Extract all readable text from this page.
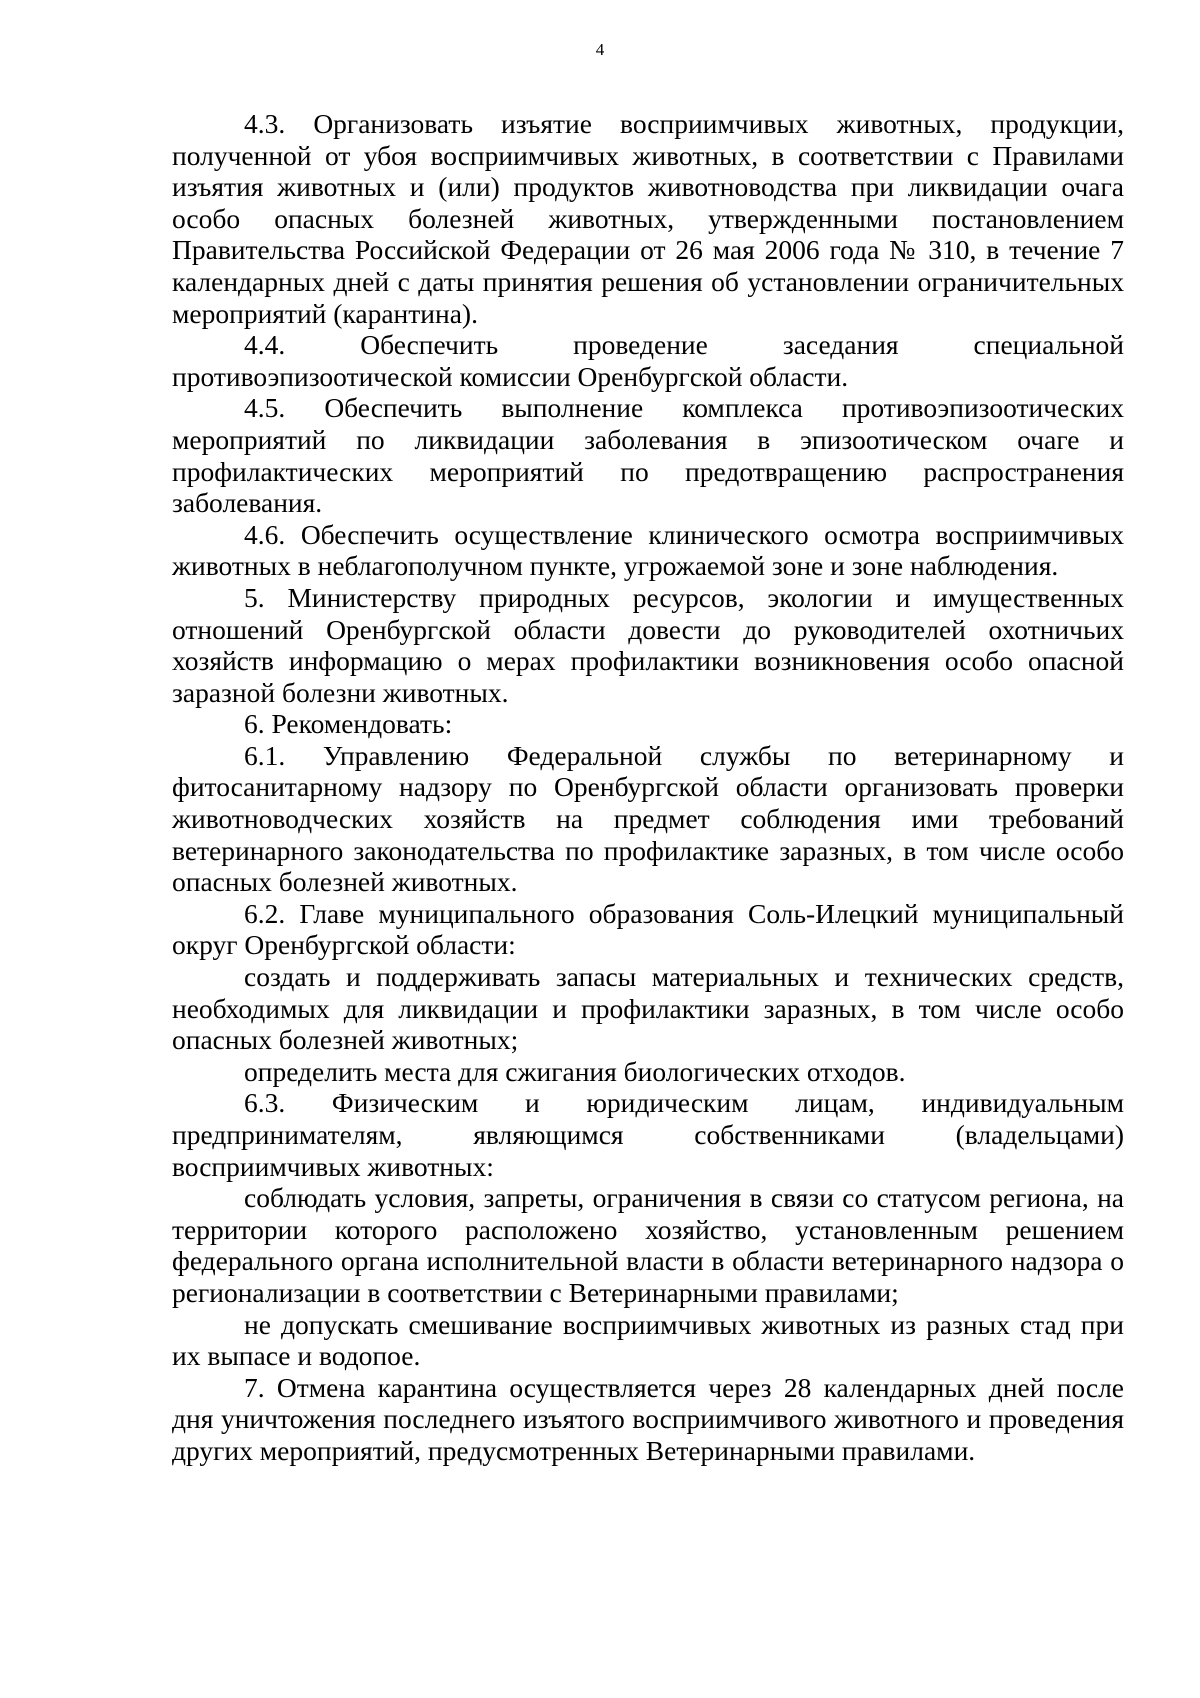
4

4.3. Организовать изъятие восприимчивых животных, продукции, полученной от убоя восприимчивых животных, в соответствии с Правилами изъятия животных и (или) продуктов животноводства при ликвидации очага особо опасных болезней животных, утвержденными постановлением Правительства Российской Федерации от 26 мая 2006 года № 310, в течение 7 календарных дней с даты принятия решения об установлении ограничительных мероприятий (карантина).

4.4. Обеспечить проведение заседания специальной противоэпизоотической комиссии Оренбургской области.

4.5. Обеспечить выполнение комплекса противоэпизоотических мероприятий по ликвидации заболевания в эпизоотическом очаге и профилактических мероприятий по предотвращению распространения заболевания.

4.6. Обеспечить осуществление клинического осмотра восприимчивых животных в неблагополучном пункте, угрожаемой зоне и зоне наблюдения.

5. Министерству природных ресурсов, экологии и имущественных отношений Оренбургской области довести до руководителей охотничьих хозяйств информацию о мерах профилактики возникновения особо опасной заразной болезни животных.

6. Рекомендовать:

6.1. Управлению Федеральной службы по ветеринарному и фитосанитарному надзору по Оренбургской области организовать проверки животноводческих хозяйств на предмет соблюдения ими требований ветеринарного законодательства по профилактике заразных, в том числе особо опасных болезней животных.

6.2. Главе муниципального образования Соль-Илецкий муниципальный округ Оренбургской области:

создать и поддерживать запасы материальных и технических средств, необходимых для ликвидации и профилактики заразных, в том числе особо опасных болезней животных;

определить места для сжигания биологических отходов.

6.3. Физическим и юридическим лицам, индивидуальным предпринимателям, являющимся собственниками (владельцами) восприимчивых животных:

соблюдать условия, запреты, ограничения в связи со статусом региона, на территории которого расположено хозяйство, установленным решением федерального органа исполнительной власти в области ветеринарного надзора о регионализации в соответствии с Ветеринарными правилами;

не допускать смешивание восприимчивых животных из разных стад при их выпасе и водопое.

7. Отмена карантина осуществляется через 28 календарных дней после дня уничтожения последнего изъятого восприимчивого животного и проведения других мероприятий, предусмотренных Ветеринарными правилами.
